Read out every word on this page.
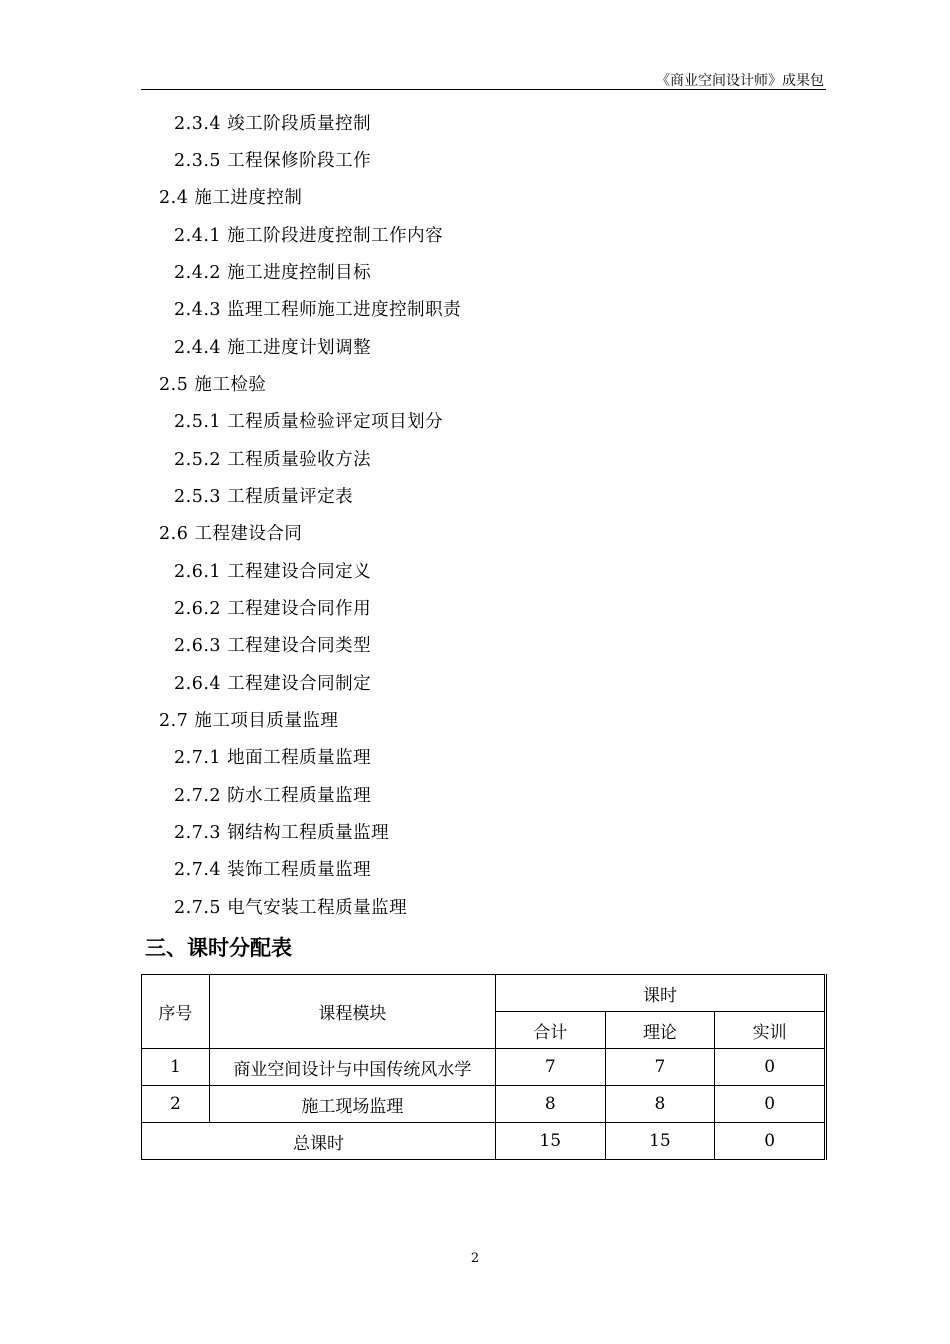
《商业空间设计师》成果包
2.3.4 竣工阶段质量控制
2.3.5 工程保修阶段工作
2.4 施工进度控制
2.4.1 施工阶段进度控制工作内容
2.4.2 施工进度控制目标
2.4.3 监理工程师施工进度控制职责
2.4.4 施工进度计划调整
2.5 施工检验
2.5.1 工程质量检验评定项目划分
2.5.2 工程质量验收方法
2.5.3 工程质量评定表
2.6 工程建设合同
2.6.1 工程建设合同定义
2.6.2 工程建设合同作用
2.6.3 工程建设合同类型
2.6.4 工程建设合同制定
2.7 施工项目质量监理
2.7.1 地面工程质量监理
2.7.2 防水工程质量监理
2.7.3 钢结构工程质量监理
2.7.4 装饰工程质量监理
2.7.5 电气安装工程质量监理
三、课时分配表
序号	课程模块	课时		
		合计	理论	实训
1	商业空间设计与中国传统风水学	7	7	0
2	施工现场监理	8	8	0
总课时		15	15	0
2
